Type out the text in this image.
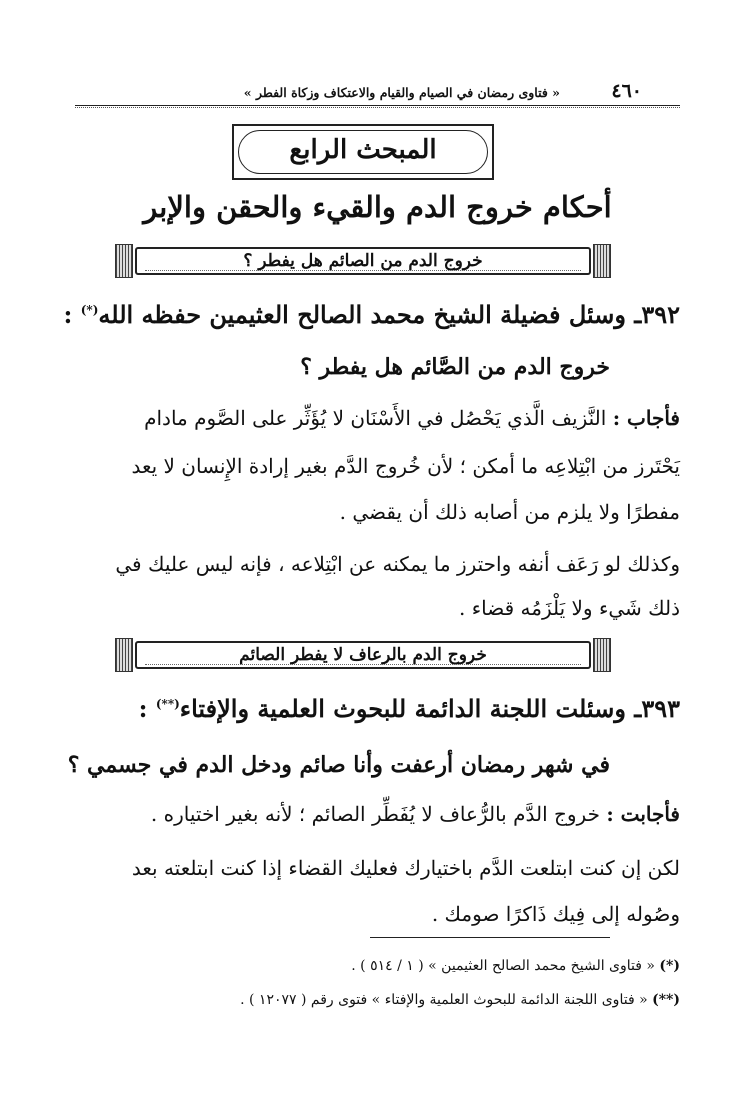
٤٦٠
« فتاوى رمضان في الصيام والقيام والاعتكاف وزكاة الفطر »
المبحث الرابع
أحكام خروج الدم والقيء والحقن والإبر
خروج الدم من الصائم هل يفطر ؟
٣٩٢ـ وسئل فضيلة الشيخ محمد الصالح العثيمين حفظه الله(*) :
خروج الدم من الصَّائم هل يفطر ؟
فأجاب : النَّزيف الَّذي يَحْصُل في الأَسْنَان لا يُؤَثِّر على الصَّوم مادام
يَحْتَرز من ابْتِلاعِه ما أمكن ؛ لأن خُروج الدَّم بغير إرادة الإِنسان لا يعد
مفطرًا ولا يلزم من أصابه ذلك أن يقضي .
وكذلك لو رَعَف أنفه واحترز ما يمكنه عن ابْتِلاعه ، فإنه ليس عليك في
ذلك شَيء ولا يَلْزَمُه قضاء .
خروج الدم بالرعاف لا يفطر الصائم
٣٩٣ـ وسئلت اللجنة الدائمة للبحوث العلمية والإفتاء(**) :
في شهر رمضان أرعفت وأنا صائم ودخل الدم في جسمي ؟
فأجابت : خروج الدَّم بالرُّعاف لا يُفَطِّر الصائم ؛ لأنه بغير اختياره .
لكن إن كنت ابتلعت الدَّم باختيارك فعليك القضاء إذا كنت ابتلعته بعد
وصُوله إلى فِيك ذَاكرًا صومك .
(*) « فتاوى الشيخ محمد الصالح العثيمين » ( ١ / ٥١٤ ) .
(**) « فتاوى اللجنة الدائمة للبحوث العلمية والإفتاء » فتوى رقم ( ١٢٠٧٧ ) .
